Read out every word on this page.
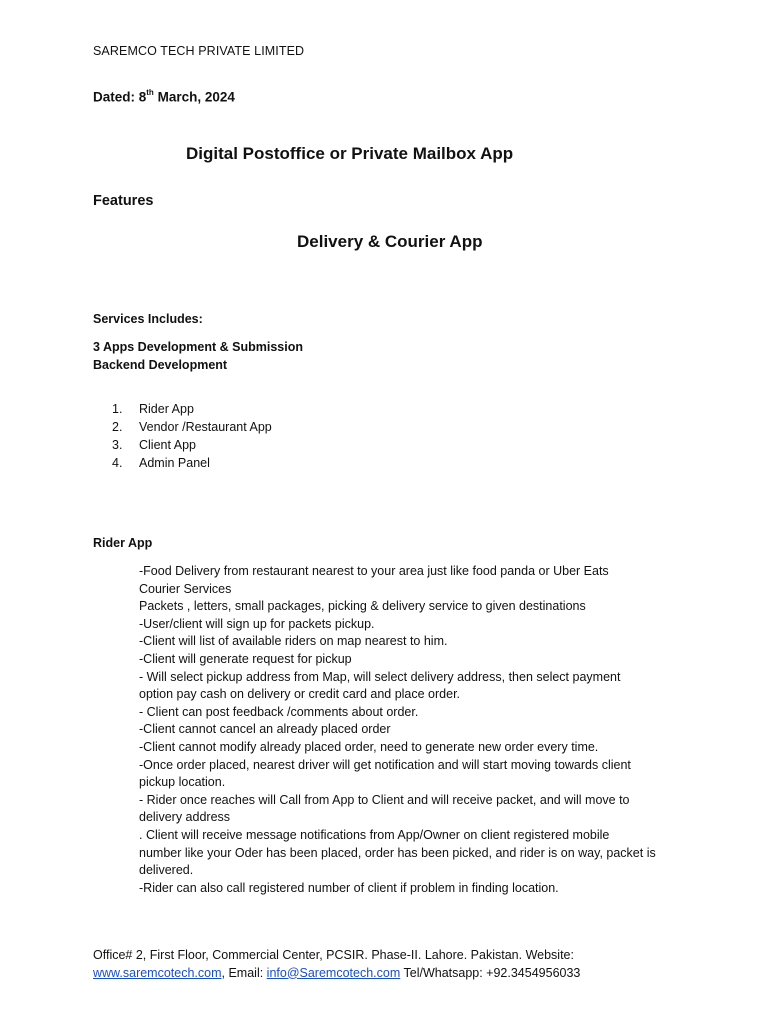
SAREMCO TECH PRIVATE LIMITED
Dated: 8th March, 2024
Digital Postoffice or Private Mailbox App
Features
Delivery & Courier App
Services Includes:
3 Apps Development & Submission
Backend Development
1.	Rider App
2.	Vendor /Restaurant App
3.	Client App
4.	Admin Panel
Rider App
-Food Delivery from restaurant nearest to your area just like food panda or Uber Eats
Courier Services
Packets , letters, small packages, picking & delivery service to given destinations
-User/client will sign up for packets pickup.
-Client will list of available riders on map nearest to him.
-Client will generate request for pickup
- Will select pickup address from Map, will select delivery address, then select payment
option pay cash on delivery or credit card and place order.
- Client can post feedback /comments about order.
-Client cannot cancel an already placed order
-Client cannot modify already placed order, need to generate new order every time.
-Once order placed, nearest driver will get notification and will start moving towards client
pickup location.
- Rider once reaches will Call from App to Client and will receive packet, and will move to
delivery address
. Client will receive message notifications from App/Owner on client registered mobile
number like your Oder has been placed, order has been picked, and rider is on way, packet is
delivered.
-Rider can also call registered number of client if problem in finding location.
Office# 2, First Floor, Commercial Center, PCSIR. Phase-II. Lahore. Pakistan. Website:
www.saremcotech.com, Email: info@Saremcotech.com Tel/Whatsapp: +92.3454956033
